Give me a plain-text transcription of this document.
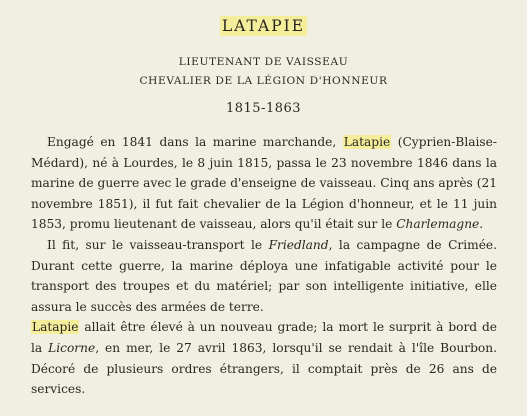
LATAPIE
LIEUTENANT DE VAISSEAU
CHEVALIER DE LA LÉGION D'HONNEUR
1815-1863

Engagé en 1841 dans la marine marchande, Latapie (Cyprien-Blaise-Médard), né à Lourdes, le 8 juin 1815, passa le 23 novembre 1846 dans la marine de guerre avec le grade d'enseigne de vaisseau. Cinq ans après (21 novembre 1851), il fut fait chevalier de la Légion d'honneur, et le 11 juin 1853, promu lieutenant de vaisseau, alors qu'il était sur le Charlemagne.

Il fit, sur le vaisseau-transport le Friedland, la campagne de Crimée. Durant cette guerre, la marine déploya une infatigable activité pour le transport des troupes et du matériel; par son intelligente initiative, elle assura le succès des armées de terre.

Latapie allait être élevé à un nouveau grade; la mort le surprit à bord de la Licorne, en mer, le 27 avril 1863, lorsqu'il se rendait à l'île Bourbon. Décoré de plusieurs ordres étrangers, il comptait près de 26 ans de services.
